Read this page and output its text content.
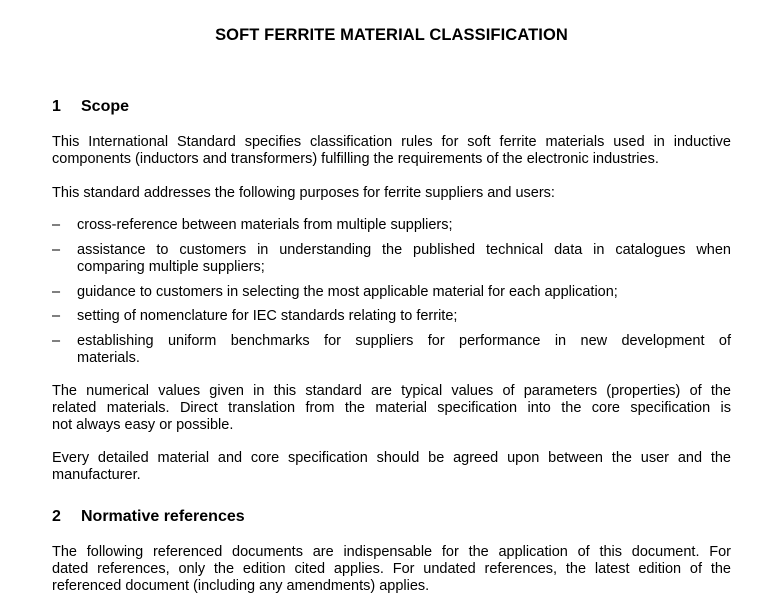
SOFT FERRITE MATERIAL CLASSIFICATION
1 Scope
This International Standard specifies classification rules for soft ferrite materials used in inductive
components (inductors and transformers) fulfilling the requirements of the electronic industries.
This standard addresses the following purposes for ferrite suppliers and users:
– cross-reference between materials from multiple suppliers;
– assistance to customers in understanding the published technical data in catalogues when
comparing multiple suppliers;
– guidance to customers in selecting the most applicable material for each application;
– setting of nomenclature for IEC standards relating to ferrite;
– establishing uniform benchmarks for suppliers for performance in new development of
materials.
The numerical values given in this standard are typical values of parameters (properties) of the
related materials. Direct translation from the material specification into the core specification is
not always easy or possible.
Every detailed material and core specification should be agreed upon between the user and the
manufacturer.
2 Normative references
The following referenced documents are indispensable for the application of this document. For
dated references, only the edition cited applies. For undated references, the latest edition of the
referenced document (including any amendments) applies.
